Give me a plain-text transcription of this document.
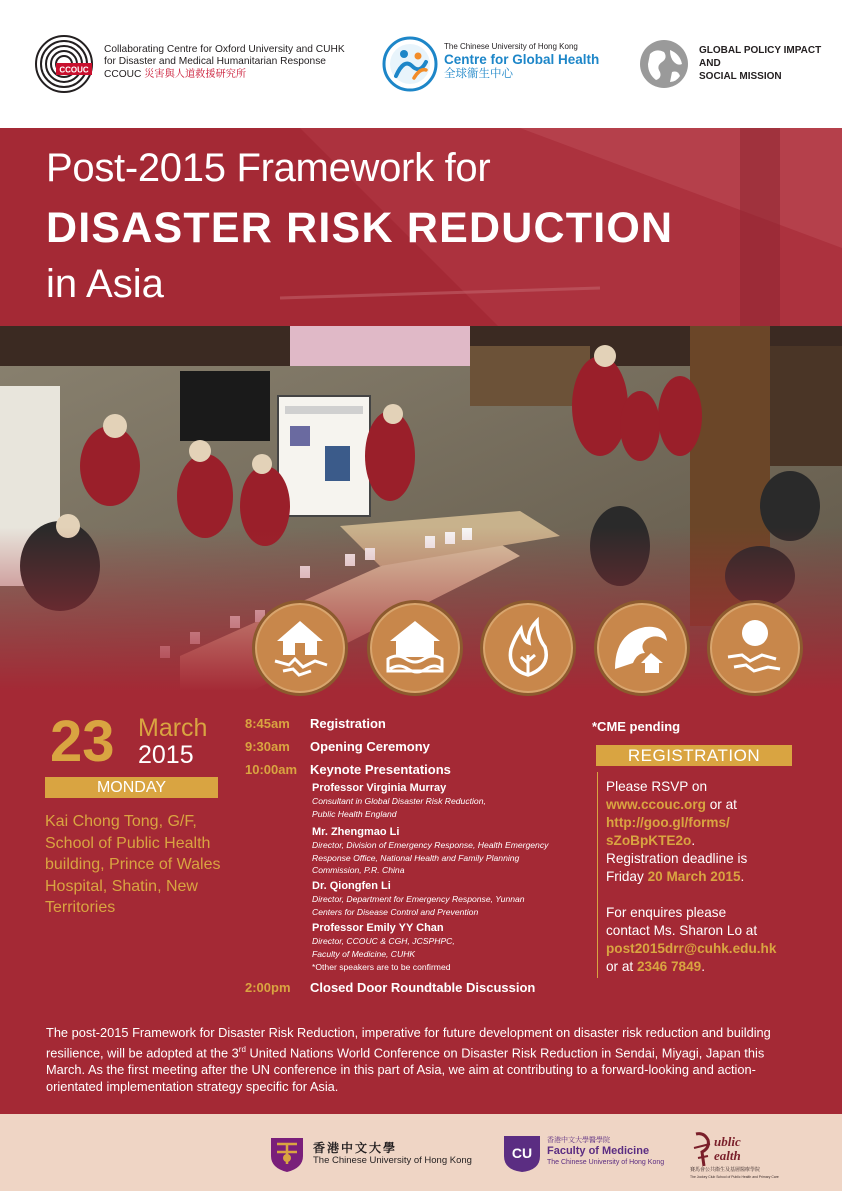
CCOUC
Collaborating Centre for Oxford University and CUHK
for Disaster and Medical Humanitarian Response
CCOUC 災害與人道救援研究所
The Chinese University of Hong Kong
Centre for Global Health
全球衞生中心
GLOBAL POLICY IMPACT
AND
SOCIAL MISSION
Post-2015 Framework for
DISASTER RISK REDUCTION
in Asia
23 March
2015
MONDAY
Kai Chong Tong, G/F, School of Public Health building, Prince of Wales Hospital, Shatin, New Territories
8:45am Registration
9:30am Opening Ceremony
10:00am Keynote Presentations
Professor Virginia Murray
Consultant in Global Disaster Risk Reduction,
Public Health England
Mr. Zhengmao Li
Director, Division of Emergency Response, Health Emergency
Response Office, National Health and Family Planning
Commission, P.R. China
Dr. Qiongfen Li
Director, Department for Emergency Response, Yunnan
Centers for Disease Control and Prevention
Professor Emily YY Chan
Director, CCOUC & CGH, JCSPHPC,
Faculty of Medicine, CUHK
*Other speakers are to be confirmed
2:00pm Closed Door Roundtable Discussion
*CME pending
REGISTRATION
Please RSVP on
www.ccouc.org or at
http://goo.gl/forms/
sZoBpKTE2o.
Registration deadline is
Friday 20 March 2015.
For enquires please
contact Ms. Sharon Lo at
post2015drr@cuhk.edu.hk
or at 2346 7849.
The post-2015 Framework for Disaster Risk Reduction, imperative for future development on disaster risk reduction and building resilience, will be adopted at the 3rd United Nations World Conference on Disaster Risk Reduction in Sendai, Miyagi, Japan this March. As the first meeting after the UN conference in this part of Asia, we aim at contributing to a forward-looking and action-orientated implementation strategy specific for Asia.
香港中文大學
The Chinese University of Hong Kong	CU
香港中文大學醫學院
Faculty of Medicine
The Chinese University of Hong Kong
ublic
ealth
賽馬會公共衞生及基層醫療學院
The Jockey Club School of Public Health and Primary Care
